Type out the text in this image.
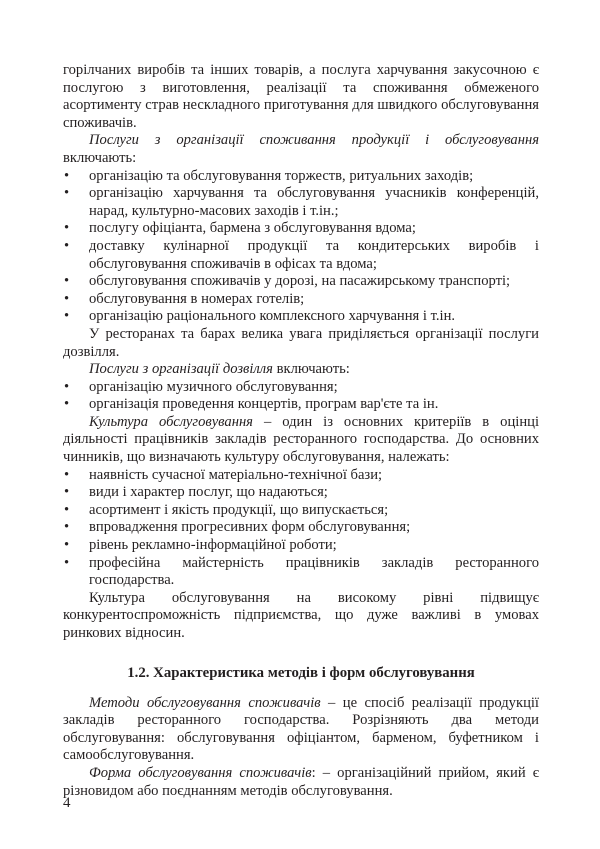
горілчаних виробів та інших товарів, а послуга харчування закусочною є послугою з виготовлення, реалізації та споживання обмеженого асортименту страв нескладного приготування для швидкого обслуговування споживачів.

Послуги з організації споживання продукції і обслуговування включають:

• організацію та обслуговування торжеств, ритуальних заходів;
• організацію харчування та обслуговування учасників конференцій, нарад, культурно-масових заходів і т.ін.;
• послугу офіціанта, бармена з обслуговування вдома;
• доставку кулінарної продукції та кондитерських виробів і обслуговування споживачів в офісах та вдома;
• обслуговування споживачів у дорозі, на пасажирському транспорті;
• обслуговування в номерах готелів;
• організацію раціонального комплексного харчування і т.ін.

У ресторанах та барах велика увага приділяється організації послуги дозвілля.

Послуги з організації дозвілля включають:

• організацію музичного обслуговування;
• організація проведення концертів, програм вар'єте та ін.

Культура обслуговування – один із основних критеріїв в оцінці діяльності працівників закладів ресторанного господарства. До основних чинників, що визначають культуру обслуговування, належать:

• наявність сучасної матеріально-технічної бази;
• види і характер послуг, що надаються;
• асортимент і якість продукції, що випускається;
• впровадження прогресивних форм обслуговування;
• рівень рекламно-інформаційної роботи;
• професійна майстерність працівників закладів ресторанного господарства.

Культура обслуговування на високому рівні підвищує конкурентоспроможність підприємства, що дуже важливі в умовах ринкових відносин.

1.2. Характеристика методів і форм обслуговування

Методи обслуговування споживачів – це спосіб реалізації продукції закладів ресторанного господарства. Розрізняють два методи обслуговування: обслуговування офіціантом, барменом, буфетником і самообслуговування.

Форма обслуговування споживачів: – організаційний прийом, який є різновидом або поєднанням методів обслуговування.

4
